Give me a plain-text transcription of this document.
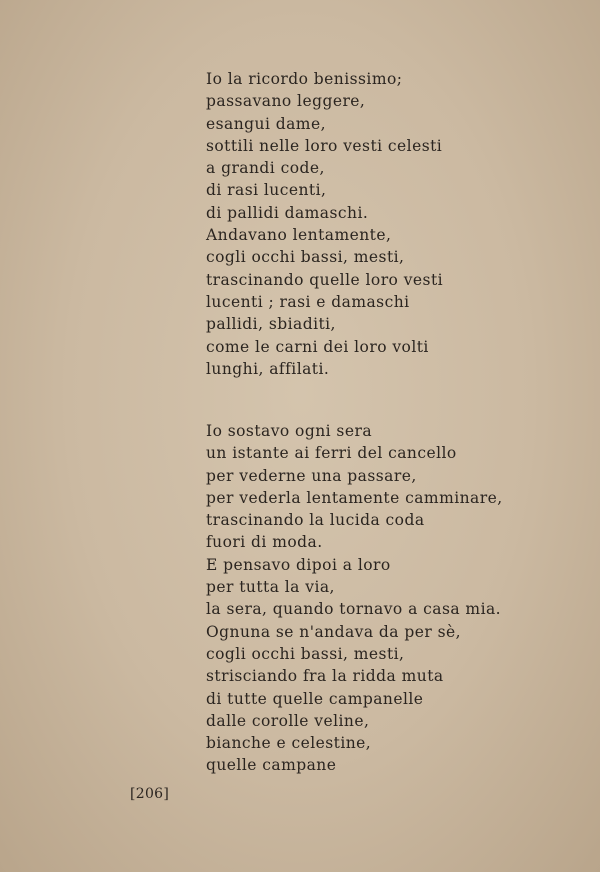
Io la ricordo benissimo;
passavano leggere,
esangui dame,
sottili nelle loro vesti celesti
a grandi code,
di rasi lucenti,
di pallidi damaschi.
Andavano lentamente,
cogli occhi bassi, mesti,
trascinando quelle loro vesti
lucenti ; rasi e damaschi
pallidi, sbiaditi,
come le carni dei loro volti
lunghi, affilati.
Io sostavo ogni sera
un istante ai ferri del cancello
per vederne una passare,
per vederla lentamente camminare,
trascinando la lucida coda
fuori di moda.
E pensavo dipoi a loro
per tutta la via,
la sera, quando tornavo a casa mia.
Ognuna se n'andava da per sè,
cogli occhi bassi, mesti,
strisciando fra la ridda muta
di tutte quelle campanelle
dalle corolle veline,
bianche e celestine,
quelle campane
[206]
